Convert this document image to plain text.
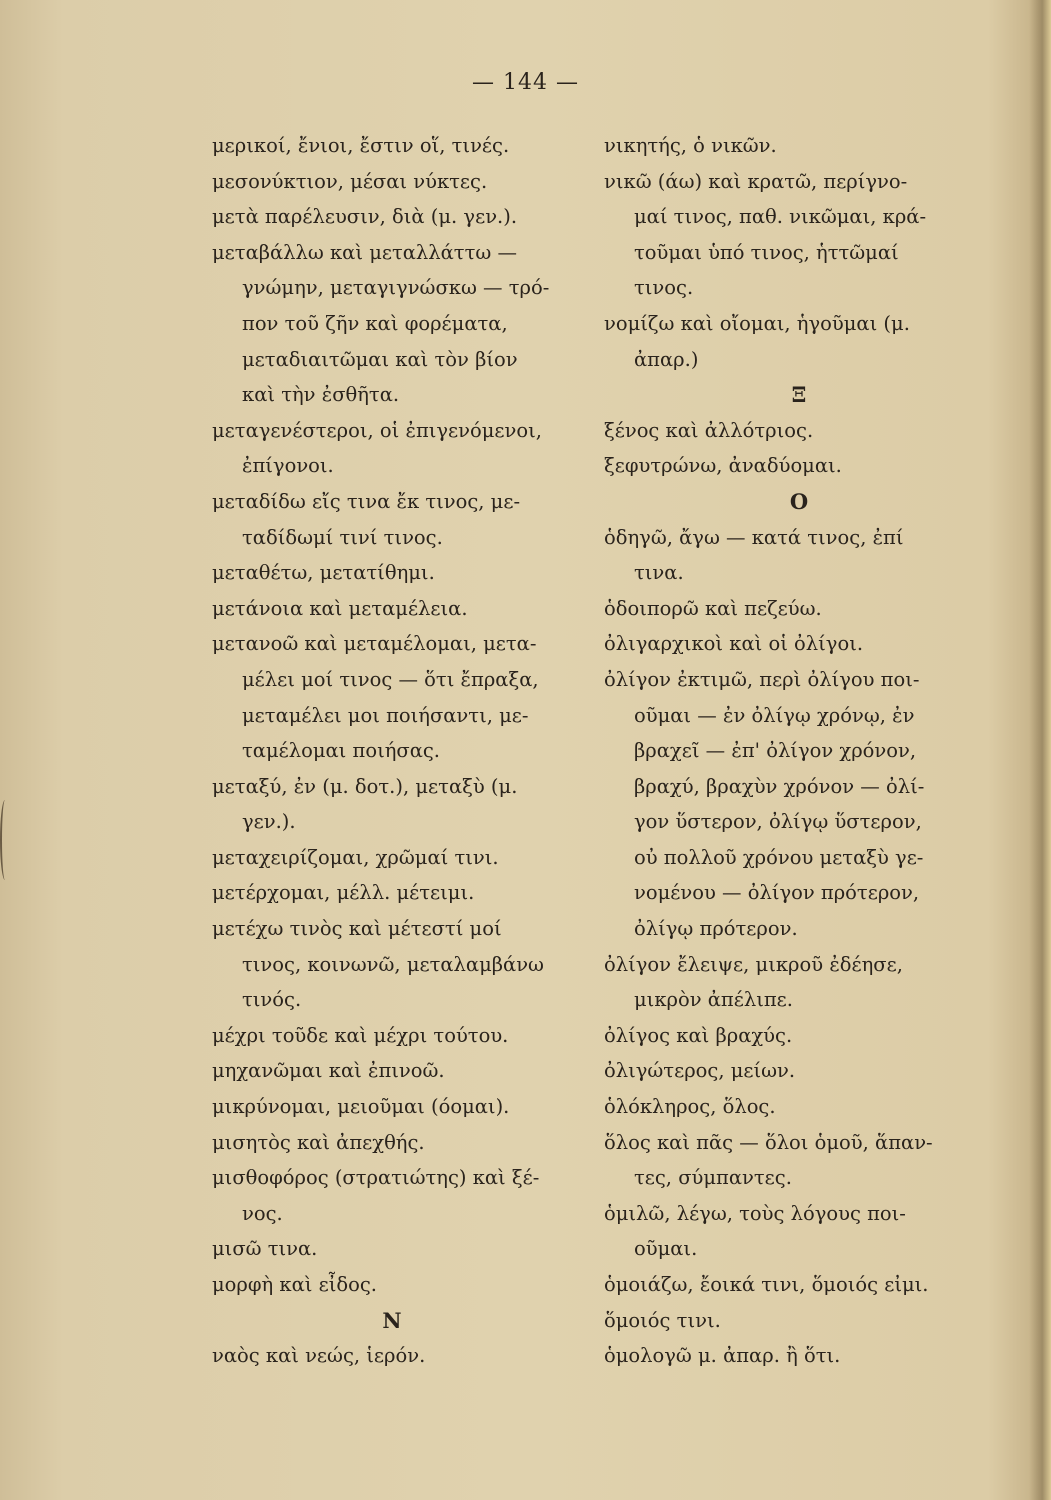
— 144 —
μερικοί, ἔνιοι, ἔστιν οἵ, τινές.
μεσονύκτιον, μέσαι νύκτες.
μετὰ παρέλευσιν, διὰ (μ. γεν.).
μεταβάλλω καὶ μεταλλάττω —
γνώμην, μεταγιγνώσκω — τρό-
πον τοῦ ζῆν καὶ φορέματα,
μεταδιαιτῶμαι καὶ τὸν βίον
καὶ τὴν ἐσθῆτα.
μεταγενέστεροι, οἱ ἐπιγενόμενοι,
ἐπίγονοι.
μεταδίδω εἴς τινα ἔκ τινος, με-
ταδίδωμί τινί τινος.
μεταθέτω, μετατίθημι.
μετάνοια καὶ μεταμέλεια.
μετανοῶ καὶ μεταμέλομαι, μετα-
μέλει μοί τινος — ὅτι ἔπραξα,
μεταμέλει μοι ποιήσαντι, με-
ταμέλομαι ποιήσας.
μεταξύ, ἐν (μ. δοτ.), μεταξὺ (μ.
γεν.).
μεταχειρίζομαι, χρῶμαί τινι.
μετέρχομαι, μέλλ. μέτειμι.
μετέχω τινὸς καὶ μέτεστί μοί
τινος, κοινωνῶ, μεταλαμβάνω
τινός.
μέχρι τοῦδε καὶ μέχρι τούτου.
μηχανῶμαι καὶ ἐπινοῶ.
μικρύνομαι, μειοῦμαι (όομαι).
μισητὸς καὶ ἀπεχθής.
μισθοφόρος (στρατιώτης) καὶ ξέ-
νος.
μισῶ τινα.
μορφὴ καὶ εἶδος.
N
ναὸς καὶ νεώς, ἱερόν.
νικητής, ὁ νικῶν.
νικῶ (άω) καὶ κρατῶ, περίγνο-
μαί τινος, παθ. νικῶμαι, κρά-
τοῦμαι ὑπό τινος, ἡττῶμαί
τινος.
νομίζω καὶ οἴομαι, ἡγοῦμαι (μ.
ἀπαρ.)
Ξ
ξένος καὶ ἀλλότριος.
ξεφυτρώνω, ἀναδύομαι.
O
ὁδηγῶ, ἄγω — κατά τινος, ἐπί
τινα.
ὁδοιπορῶ καὶ πεζεύω.
ὀλιγαρχικοὶ καὶ οἱ ὀλίγοι.
ὀλίγον ἐκτιμῶ, περὶ ὀλίγου ποι-
οῦμαι — ἐν ὀλίγῳ χρόνῳ, ἐν
βραχεῖ — ἐπ' ὀλίγον χρόνον,
βραχύ, βραχὺν χρόνον — ὀλί-
γον ὕστερον, ὀλίγῳ ὕστερον,
οὐ πολλοῦ χρόνου μεταξὺ γε-
νομένου — ὀλίγον πρότερον,
ὀλίγῳ πρότερον.
ὀλίγον ἔλειψε, μικροῦ ἐδέησε,
μικρὸν ἀπέλιπε.
ὀλίγος καὶ βραχύς.
ὀλιγώτερος, μείων.
ὁλόκληρος, ὅλος.
ὅλος καὶ πᾶς — ὅλοι ὁμοῦ, ἅπαν-
τες, σύμπαντες.
ὁμιλῶ, λέγω, τοὺς λόγους ποι-
οῦμαι.
ὁμοιάζω, ἔοικά τινι, ὅμοιός εἰμι.
ὅμοιός τινι.
ὁμολογῶ μ. ἀπαρ. ἢ ὅτι.
